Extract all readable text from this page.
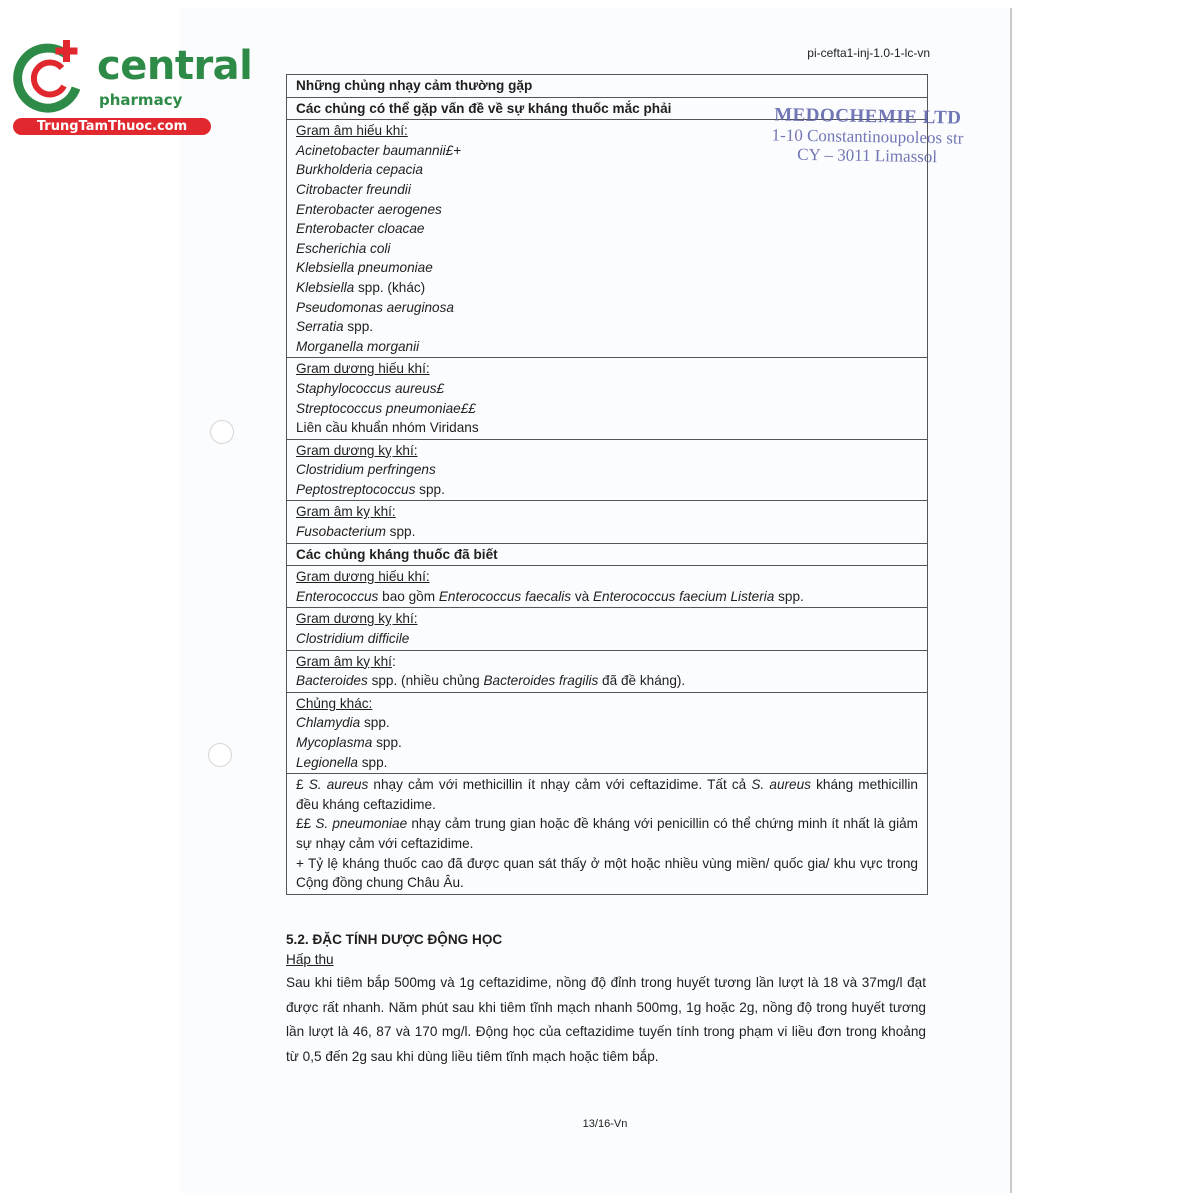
central
pharmacy
TrungTamThuoc.com
pi-cefta1-inj-1.0-1-lc-vn
Những chủng nhạy cảm thường gặp
Các chủng có thể gặp vấn đề về sự kháng thuốc mắc phải

Gram âm hiếu khí:
Acinetobacter baumannii£+
Burkholderia cepacia
Citrobacter freundii
Enterobacter aerogenes
Enterobacter cloacae
Escherichia coli
Klebsiella pneumoniae
Klebsiella spp. (khác)
Pseudomonas aeruginosa
Serratia spp.
Morganella morganii

Gram dương hiếu khí:
Staphylococcus aureus£
Streptococcus pneumoniae££
Liên cầu khuẩn nhóm Viridans

Gram dương kỵ khí:
Clostridium perfringens
Peptostreptococcus spp.

Gram âm kỵ khí:
Fusobacterium spp.

Các chủng kháng thuốc đã biết

Gram dương hiếu khí:
Enterococcus bao gồm Enterococcus faecalis và Enterococcus faecium Listeria spp.

Gram dương kỵ khí:
Clostridium difficile

Gram âm kỵ khí:
Bacteroides spp. (nhiều chủng Bacteroides fragilis đã đề kháng).

Chủng khác:
Chlamydia spp.
Mycoplasma spp.
Legionella spp.

£ S. aureus nhạy cảm với methicillin ít nhạy cảm với ceftazidime. Tất cả S. aureus kháng methicillin đều kháng ceftazidime.

££ S. pneumoniae nhạy cảm trung gian hoặc đề kháng với penicillin có thể chứng minh ít nhất là giảm sự nhạy cảm với ceftazidime.

+ Tỷ lệ kháng thuốc cao đã được quan sát thấy ở một hoặc nhiều vùng miền/ quốc gia/ khu vực trong Cộng đồng chung Châu Âu.

MEDOCHEMIE LTD
1-10 Constantinoupoleos str
CY – 3011 Limassol

5.2. ĐẶC TÍNH DƯỢC ĐỘNG HỌC

Hấp thu

Sau khi tiêm bắp 500mg và 1g ceftazidime, nồng độ đỉnh trong huyết tương lần lượt là 18 và 37mg/l đạt được rất nhanh. Năm phút sau khi tiêm tĩnh mạch nhanh 500mg, 1g hoặc 2g, nồng độ trong huyết tương lần lượt là 46, 87 và 170 mg/l. Động học của ceftazidime tuyến tính trong phạm vi liều đơn trong khoảng từ 0,5 đến 2g sau khi dùng liều tiêm tĩnh mạch hoặc tiêm bắp.

13/16-Vn
